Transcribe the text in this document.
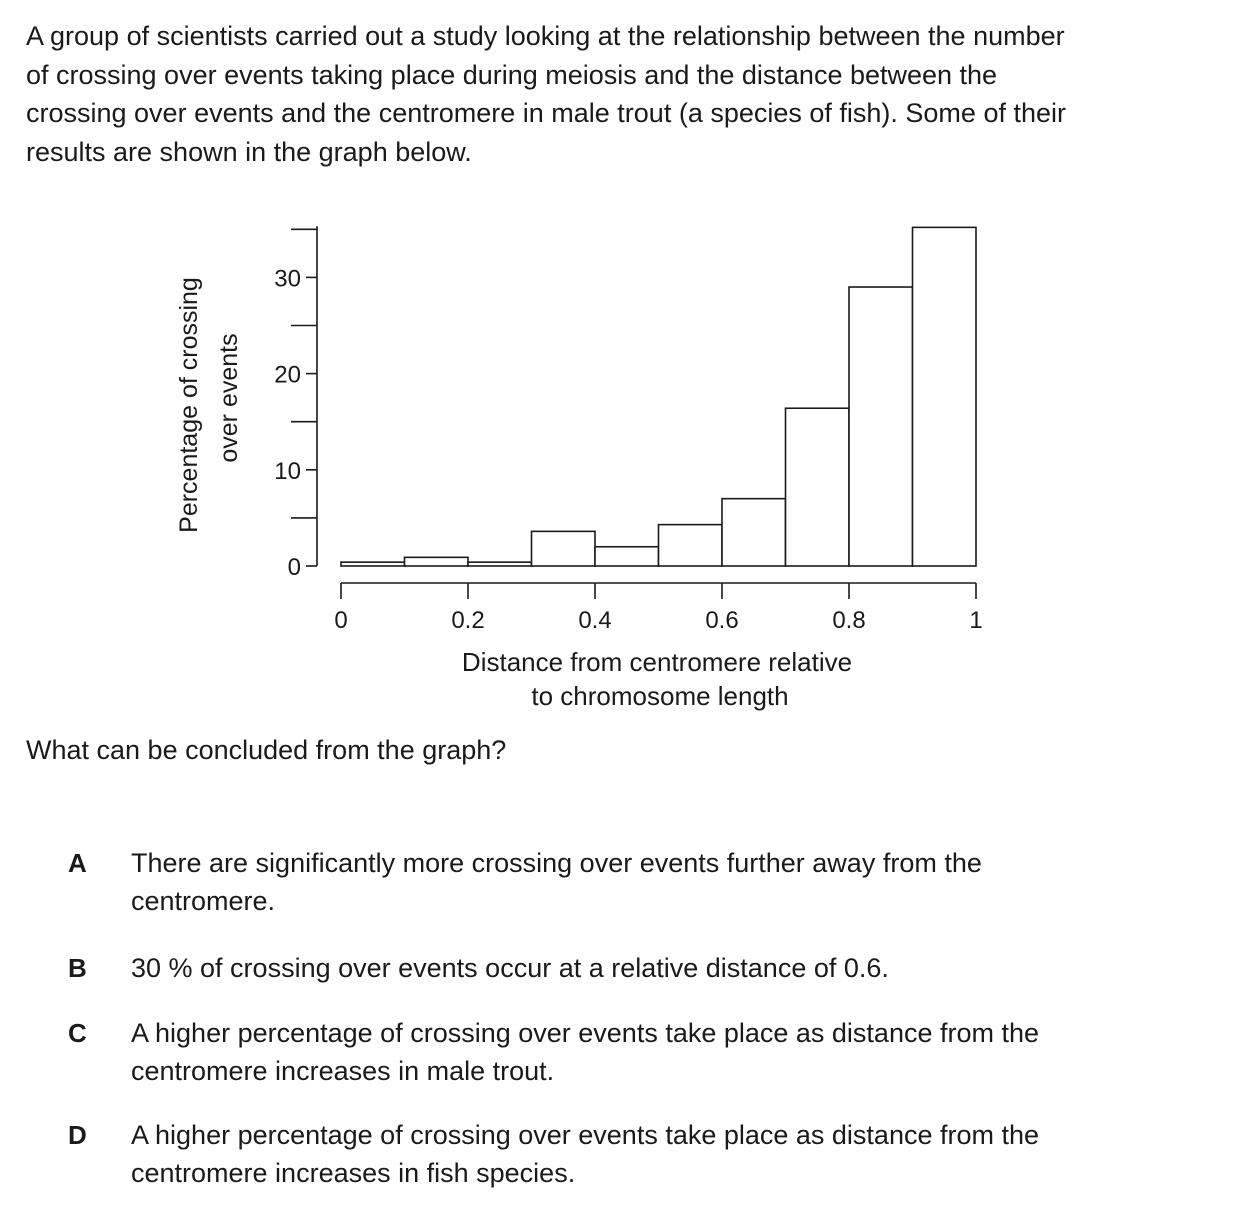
A group of scientists carried out a study looking at the relationship between the number
of crossing over events taking place during meiosis and the distance between the
crossing over events and the centromere in male trout (a species of fish). Some of their
results are shown in the graph below.
0
10
20
30
0	0.2	0.4	0.6	0.8	1
Percentage of crossing over events
Distance from centromere relative
to chromosome length
What can be concluded from the graph?
A There are significantly more crossing over events further away from the
centromere.
B 30 % of crossing over events occur at a relative distance of 0.6.
C A higher percentage of crossing over events take place as distance from the
centromere increases in male trout.
D A higher percentage of crossing over events take place as distance from the
centromere increases in fish species.
